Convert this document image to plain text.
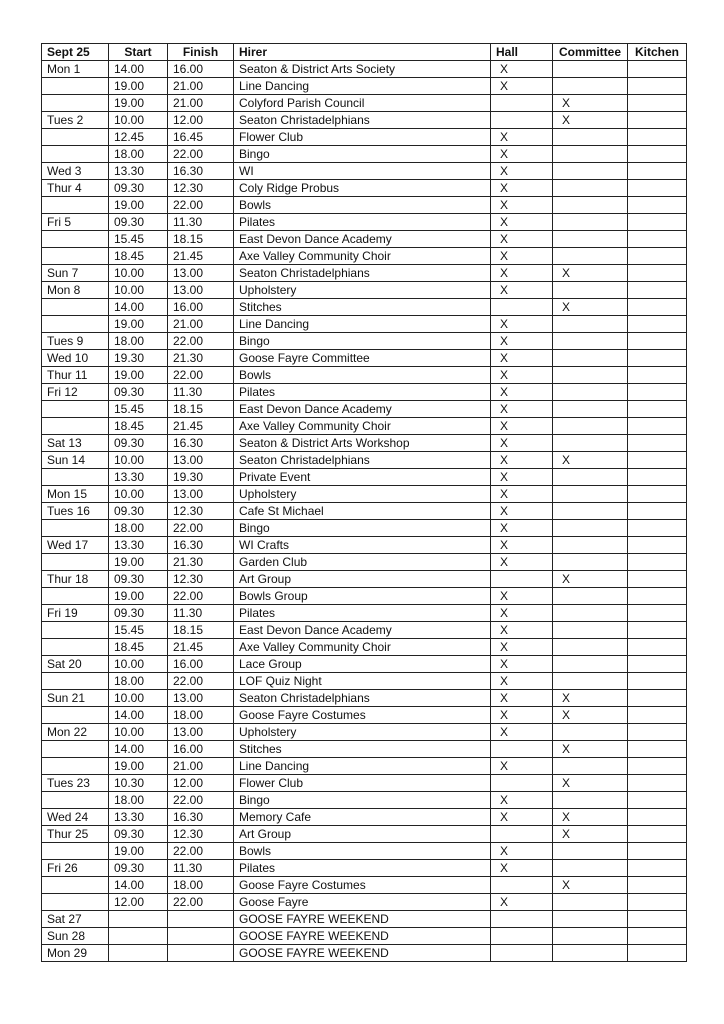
Sept 25	Start	Finish	Hirer	Hall	Committee	Kitchen
Mon 1	14.00	16.00	Seaton & District Arts Society	X		
	19.00	21.00	Line Dancing	X		
	19.00	21.00	Colyford Parish Council		X	
Tues 2	10.00	12.00	Seaton Christadelphians		X	
	12.45	16.45	Flower Club	X		
	18.00	22.00	Bingo	X		
Wed 3	13.30	16.30	WI	X		
Thur 4	09.30	12.30	Coly Ridge Probus	X		
	19.00	22.00	Bowls	X		
Fri 5	09.30	11.30	Pilates	X		
	15.45	18.15	East Devon Dance Academy	X		
	18.45	21.45	Axe Valley Community Choir	X		
Sun 7	10.00	13.00	Seaton Christadelphians	X	X	
Mon 8	10.00	13.00	Upholstery	X		
	14.00	16.00	Stitches		X	
	19.00	21.00	Line Dancing	X		
Tues 9	18.00	22.00	Bingo	X		
Wed 10	19.30	21.30	Goose Fayre Committee	X		
Thur 11	19.00	22.00	Bowls	X		
Fri 12	09.30	11.30	Pilates	X		
	15.45	18.15	East Devon Dance Academy	X		
	18.45	21.45	Axe Valley Community Choir	X		
Sat 13	09.30	16.30	Seaton & District Arts Workshop	X		
Sun 14	10.00	13.00	Seaton Christadelphians	X	X	
	13.30	19.30	Private Event	X		
Mon 15	10.00	13.00	Upholstery	X		
Tues 16	09.30	12.30	Cafe St Michael	X		
	18.00	22.00	Bingo	X		
Wed 17	13.30	16.30	WI Crafts	X		
	19.00	21.30	Garden Club	X		
Thur 18	09.30	12.30	Art Group		X	
	19.00	22.00	Bowls Group	X		
Fri 19	09.30	11.30	Pilates	X		
	15.45	18.15	East Devon Dance Academy	X		
	18.45	21.45	Axe Valley Community Choir	X		
Sat 20	10.00	16.00	Lace Group	X		
	18.00	22.00	LOF Quiz Night	X		
Sun 21	10.00	13.00	Seaton Christadelphians	X	X	
	14.00	18.00	Goose Fayre Costumes	X	X	
Mon 22	10.00	13.00	Upholstery	X		
	14.00	16.00	Stitches		X	
	19.00	21.00	Line Dancing	X		
Tues 23	10.30	12.00	Flower Club		X	
	18.00	22.00	Bingo	X		
Wed 24	13.30	16.30	Memory Cafe	X	X	
Thur 25	09.30	12.30	Art Group		X	
	19.00	22.00	Bowls	X		
Fri 26	09.30	11.30	Pilates	X		
	14.00	18.00	Goose Fayre Costumes		X	
	12.00	22.00	Goose Fayre	X		
Sat 27			GOOSE FAYRE WEEKEND			
Sun 28			GOOSE FAYRE WEEKEND			
Mon 29			GOOSE FAYRE WEEKEND			
